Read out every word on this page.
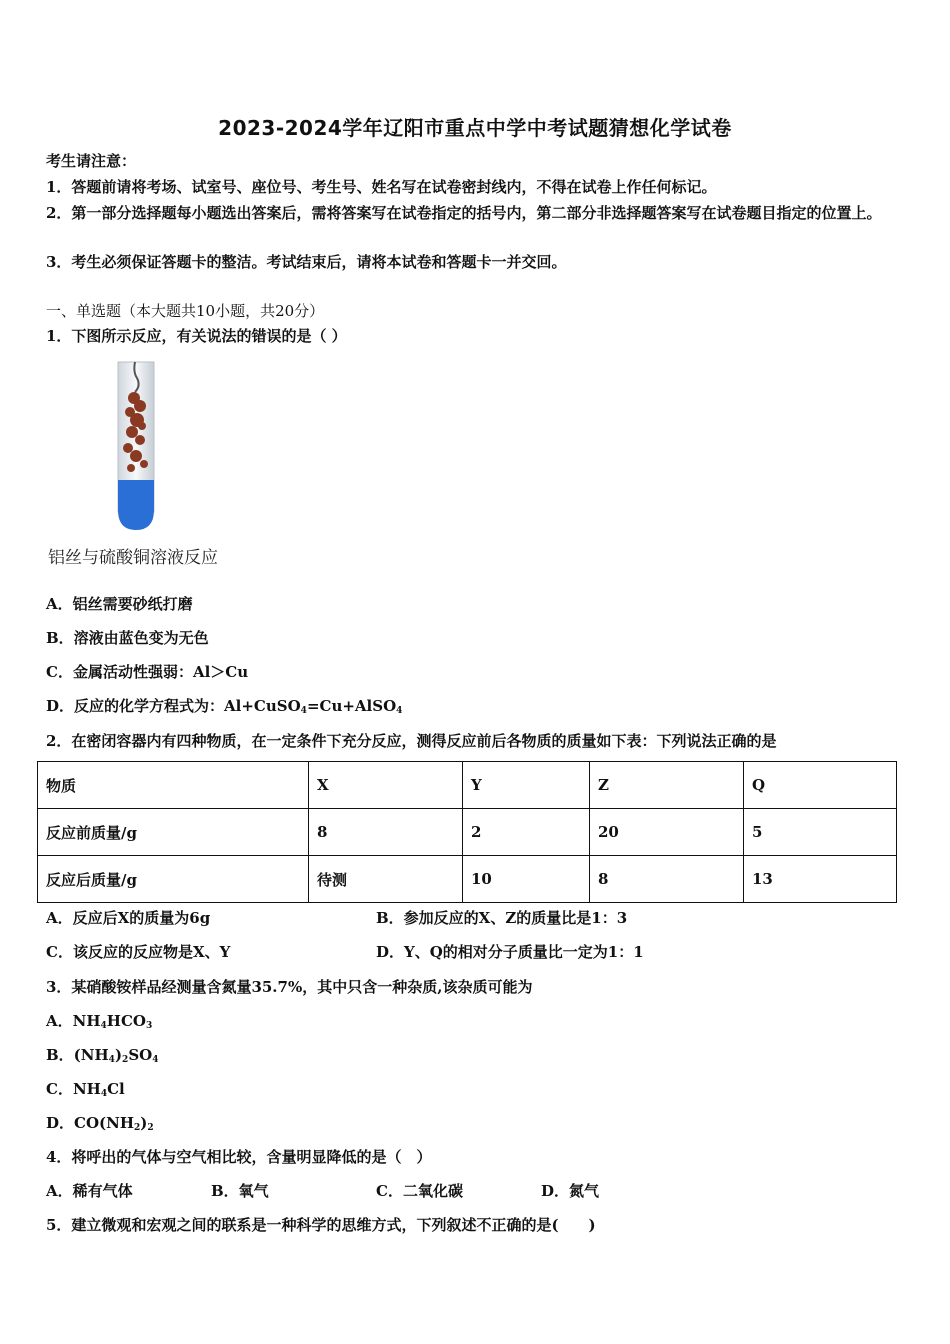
2023-2024学年辽阳市重点中学中考试题猜想化学试卷
考生请注意：
1．答题前请将考场、试室号、座位号、考生号、姓名写在试卷密封线内，不得在试卷上作任何标记。
2．第一部分选择题每小题选出答案后，需将答案写在试卷指定的括号内，第二部分非选择题答案写在试卷题目指定的位置上。
3．考生必须保证答题卡的整洁。考试结束后，请将本试卷和答题卡一并交回。
一、单选题（本大题共10小题，共20分）
1．下图所示反应，有关说法的错误的是（ ）
铝丝与硫酸铜溶液反应
A．铝丝需要砂纸打磨
B．溶液由蓝色变为无色
C．金属活动性强弱：Al＞Cu
D．反应的化学方程式为：Al+CuSO$_4$=Cu+AlSO$_4$
2．在密闭容器内有四种物质，在一定条件下充分反应，测得反应前后各物质的质量如下表：下列说法正确的是
物质	X	Y	Z	Q
反应前质量/g	8	2	20	5
反应后质量/g	待测	10	8	13
A．反应后X的质量为6g	B．参加反应的X、Z的质量比是1：3
C．该反应的反应物是X、Y	D．Y、Q的相对分子质量比一定为1：1
3．某硝酸铵样品经测量含氮量35.7%，其中只含一种杂质,该杂质可能为
A．$NH_4HCO_3$
B．$(NH_4)_2SO_4$
C．$NH_4Cl$
D．$CO(NH_2)_2$
4．将呼出的气体与空气相比较，含量明显降低的是（　）
A．稀有气体	B．氧气	C．二氧化碳	D．氮气
5．建立微观和宏观之间的联系是一种科学的思维方式，下列叙述不正确的是(　　)
